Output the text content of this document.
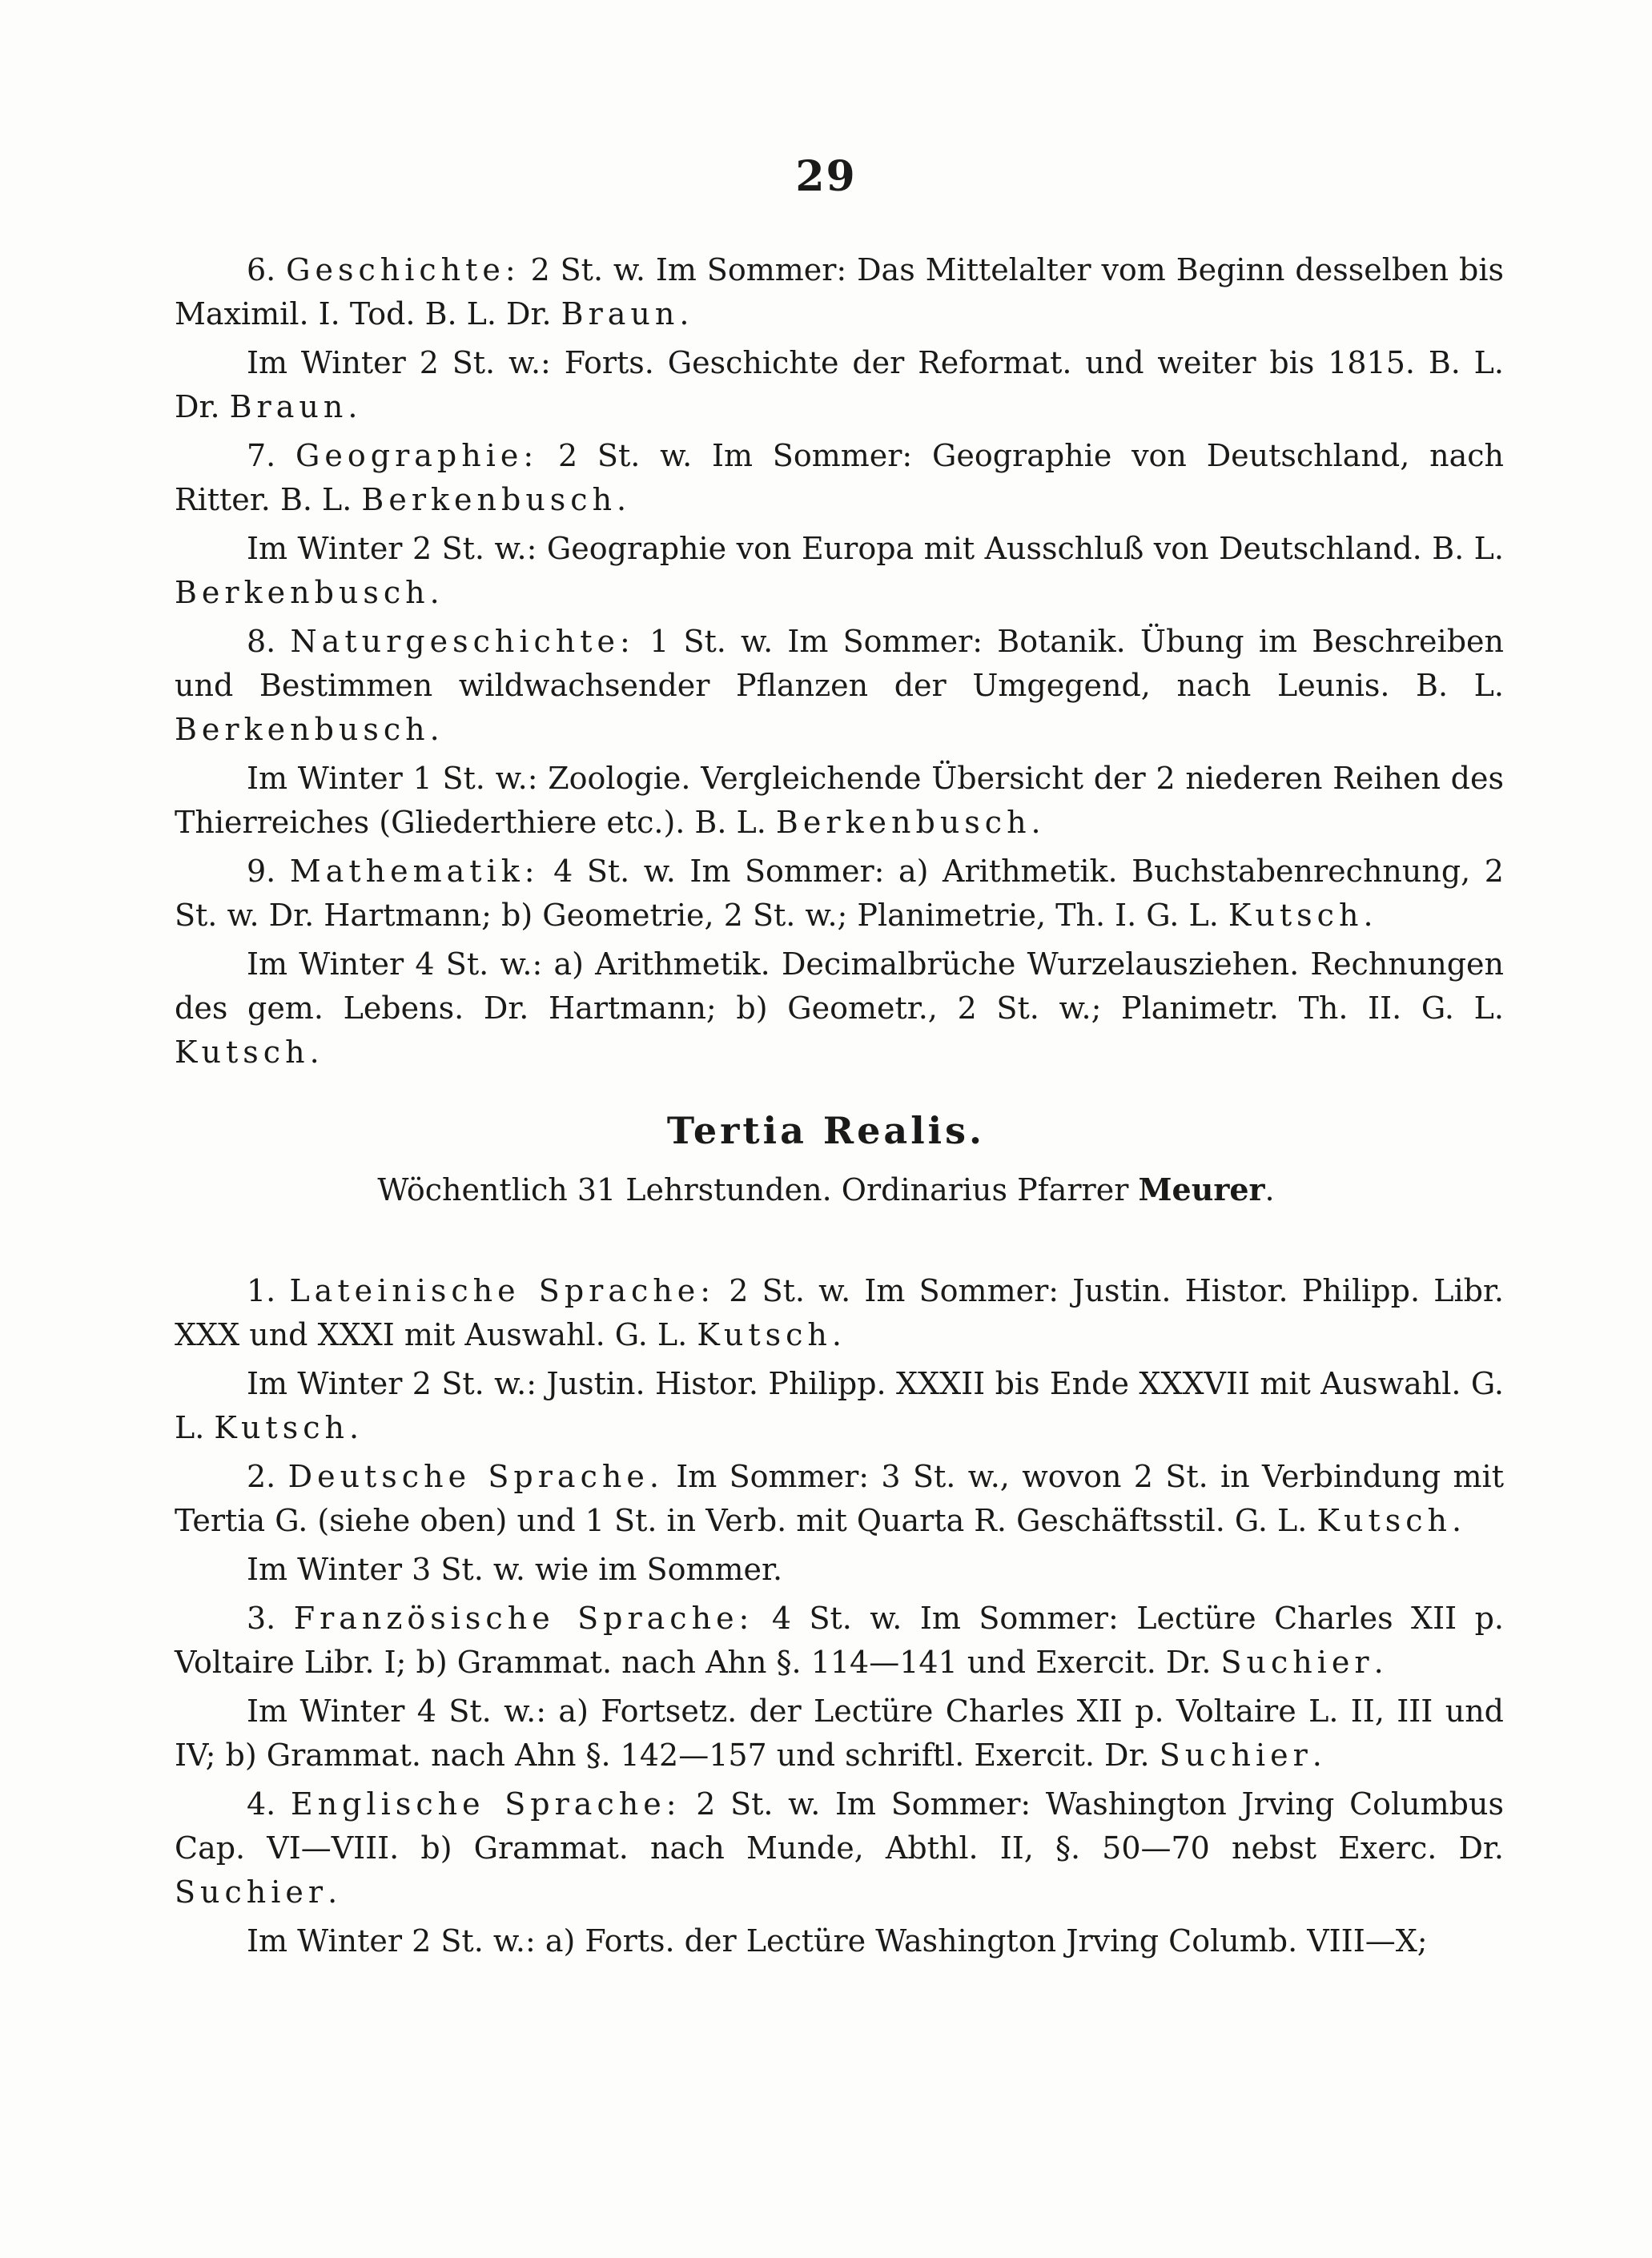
29

6. Geschichte: 2 St. w. Im Sommer: Das Mittelalter vom Beginn desselben bis Maximil. I. Tod. B. L. Dr. Braun.

Im Winter 2 St. w.: Forts. Geschichte der Reformat. und weiter bis 1815. B. L. Dr. Braun.

7. Geographie: 2 St. w. Im Sommer: Geographie von Deutschland, nach Ritter. B. L. Berkenbusch.

Im Winter 2 St. w.: Geographie von Europa mit Ausschluß von Deutschland. B. L. Berkenbusch.

8. Naturgeschichte: 1 St. w. Im Sommer: Botanik. Übung im Beschreiben und Bestimmen wildwachsender Pflanzen der Umgegend, nach Leunis. B. L. Berkenbusch.

Im Winter 1 St. w.: Zoologie. Vergleichende Übersicht der 2 niederen Reihen des Thierreiches (Gliederthiere etc.). B. L. Berkenbusch.

9. Mathematik: 4 St. w. Im Sommer: a) Arithmetik. Buchstabenrechnung, 2 St. w. Dr. Hartmann; b) Geometrie, 2 St. w.; Planimetrie, Th. I. G. L. Kutsch.

Im Winter 4 St. w.: a) Arithmetik. Decimalbrüche Wurzelausziehen. Rechnungen des gem. Lebens. Dr. Hartmann; b) Geometr., 2 St. w.; Planimetr. Th. II. G. L. Kutsch.

Tertia Realis.
Wöchentlich 31 Lehrstunden. Ordinarius Pfarrer Meurer.

1. Lateinische Sprache: 2 St. w. Im Sommer: Justin. Histor. Philipp. Libr. XXX und XXXI mit Auswahl. G. L. Kutsch.

Im Winter 2 St. w.: Justin. Histor. Philipp. XXXII bis Ende XXXVII mit Auswahl. G. L. Kutsch.

2. Deutsche Sprache. Im Sommer: 3 St. w., wovon 2 St. in Verbindung mit Tertia G. (siehe oben) und 1 St. in Verb. mit Quarta R. Geschäftsstil. G. L. Kutsch.

Im Winter 3 St. w. wie im Sommer.

3. Französische Sprache: 4 St. w. Im Sommer: Lectüre Charles XII p. Voltaire Libr. I; b) Grammat. nach Ahn §. 114—141 und Exercit. Dr. Suchier.

Im Winter 4 St. w.: a) Fortsetz. der Lectüre Charles XII p. Voltaire L. II, III und IV; b) Grammat. nach Ahn §. 142—157 und schriftl. Exercit. Dr. Suchier.

4. Englische Sprache: 2 St. w. Im Sommer: Washington Jrving Columbus Cap. VI—VIII. b) Grammat. nach Munde, Abthl. II, §. 50—70 nebst Exerc. Dr. Suchier.

Im Winter 2 St. w.: a) Forts. der Lectüre Washington Jrving Columb. VIII—X;
